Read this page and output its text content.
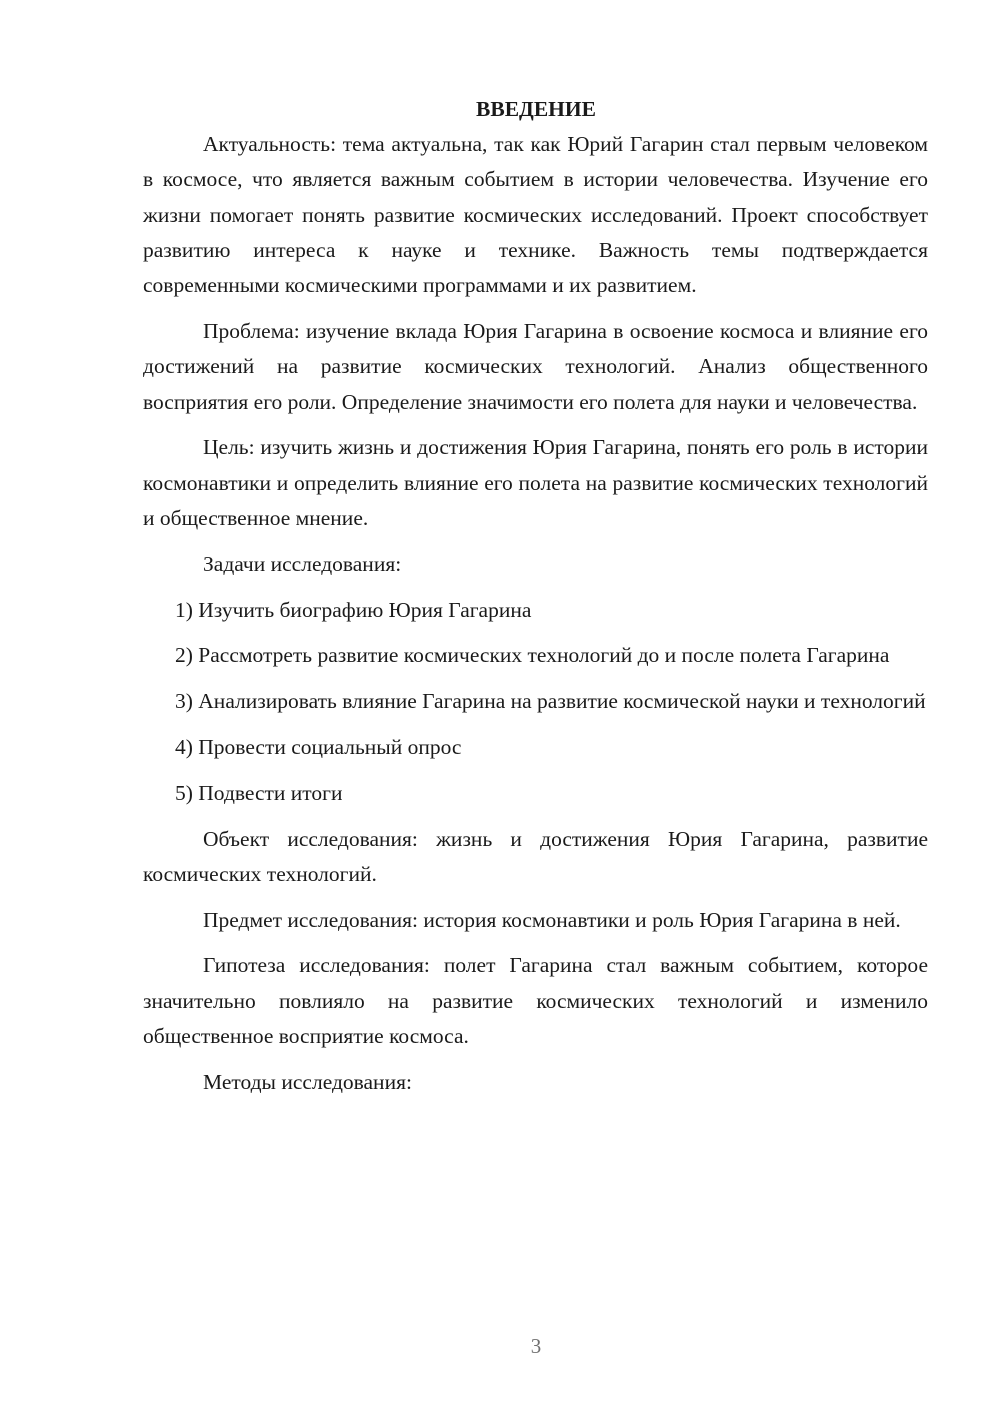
ВВЕДЕНИЕ

Актуальность: тема актуальна, так как Юрий Гагарин стал первым человеком в космосе, что является важным событием в истории человечества. Изучение его жизни помогает понять развитие космических исследований. Проект способствует развитию интереса к науке и технике. Важность темы подтверждается современными космическими программами и их развитием.

Проблема: изучение вклада Юрия Гагарина в освоение космоса и влияние его достижений на развитие космических технологий. Анализ общественного восприятия его роли. Определение значимости его полета для науки и человечества.

Цель: изучить жизнь и достижения Юрия Гагарина, понять его роль в истории космонавтики и определить влияние его полета на развитие космических технологий и общественное мнение.

Задачи исследования:

1) Изучить биографию Юрия Гагарина

2) Рассмотреть развитие космических технологий до и после полета Гагарина

3) Анализировать влияние Гагарина на развитие космической науки и технологий

4) Провести социальный опрос

5) Подвести итоги

Объект исследования: жизнь и достижения Юрия Гагарина, развитие космических технологий.

Предмет исследования: история космонавтики и роль Юрия Гагарина в ней.

Гипотеза исследования: полет Гагарина стал важным событием, которое значительно повлияло на развитие космических технологий и изменило общественное восприятие космоса.

Методы исследования:

3
